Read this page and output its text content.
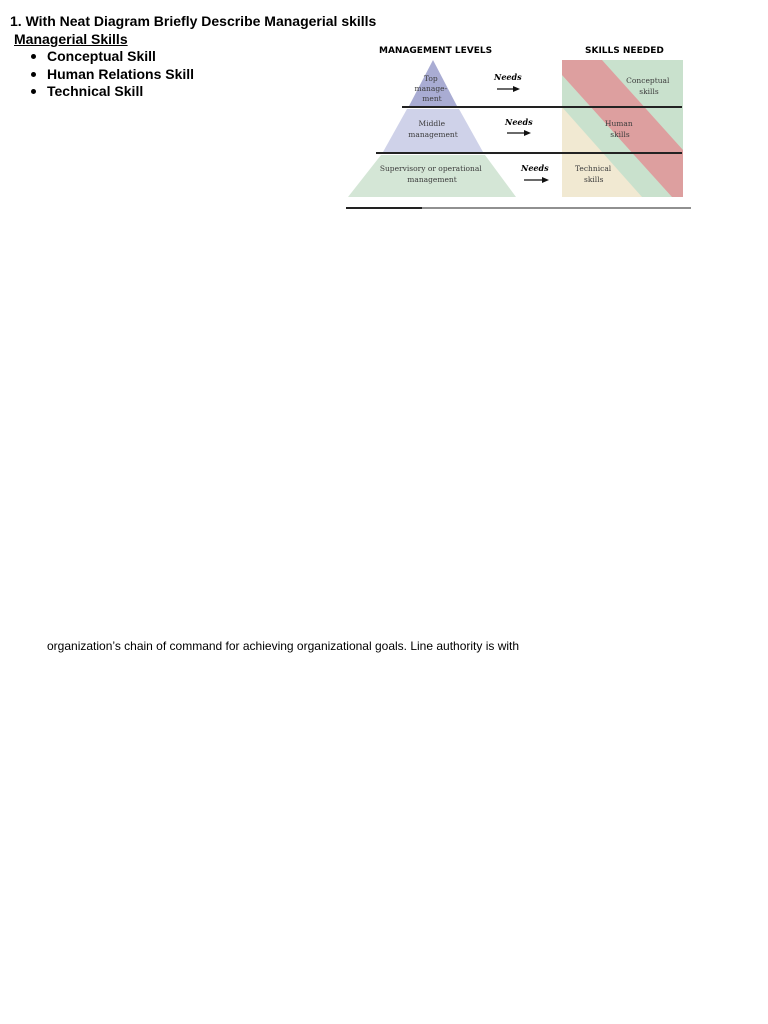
1. With Neat Diagram Briefly Describe Managerial skills

Managerial Skills

Conceptual Skill
Human Relations Skill
Technical Skill
MANAGEMENT LEVELS	SKILLS NEEDED
Top manage- ment
Middle management
Supervisory or operational management
Needs
Needs
Needs
Conceptual skills
Human skills
Technical skills

organization’s chain of command for achieving organizational goals. Line authority is with
